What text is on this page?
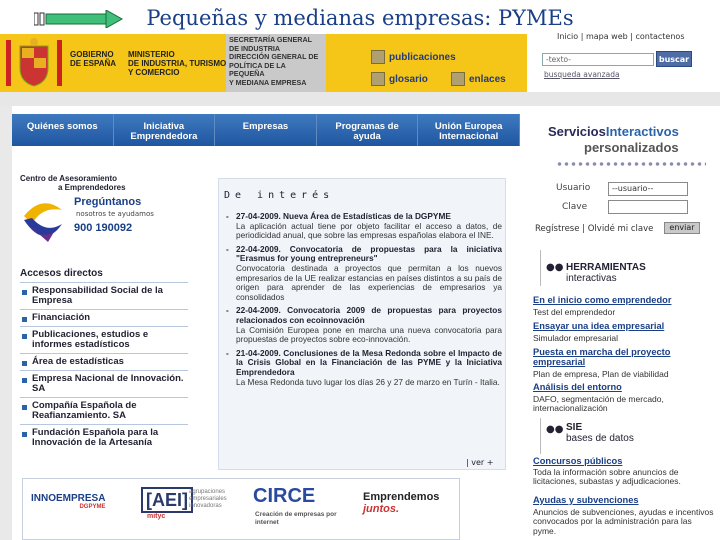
Pequeñas y medianas empresas: PYMEs
GOBIERNO
DE ESPAÑA
MINISTERIO
DE INDUSTRIA, TURISMO
Y COMERCIO
SECRETARÍA GENERAL
DE INDUSTRIA
DIRECCIÓN GENERAL DE
POLÍTICA DE LA PEQUEÑA
Y MEDIANA EMPRESA
publicaciones
glosario	enlaces
Inicio | mapa web | contactenos
-texto-	buscar
busqueda avanzada
Quiénes somos	Iniciativa Emprendedora
Empresas	Programas de ayuda
Unión Europea Internacional
Centro de Asesoramiento
a Emprendedores
Pregúntanos
nosotros te ayudamos
900 190092
Accesos directos
Responsabilidad Social de la Empresa
Financiación
Publicaciones, estudios e informes estadísticos
Área de estadísticas
Empresa Nacional de Innovación. SA
Compañía Española de Reafianzamiento. SA
Fundación Española para la Innovación de la Artesanía
De interés
- 27-04-2009. Nueva Área de Estadísticas de la DGPYME
La aplicación actual tiene por objeto facilitar el acceso a datos, de periodicidad anual, que sobre las empresas españolas elabora el INE.
- 22-04-2009. Convocatoria de propuestas para la iniciativa "Erasmus for young entrepreneurs"
Convocatoria destinada a proyectos que permitan a los nuevos empresarios de la UE realizar estancias en países distintos a su país de origen para aprender de las experiencias de empresarios ya consolidados
- 22-04-2009. Convocatoria 2009 de propuestas para proyectos relacionados con ecoinnovación
La Comisión Europea pone en marcha una nueva convocatoria para propuestas de proyectos sobre eco-innovación.
- 21-04-2009. Conclusiones de la Mesa Redonda sobre el Impacto de la Crisis Global en la Financiación de las PYME y la Iniciativa Emprendedora
La Mesa Redonda tuvo lugar los días 26 y 27 de marzo en Turín - Italia.
| ver +
ServiciosInteractivos
personalizados
Usuario	--usuario--
Clave
Regístrese | Olvidé mi clave	enviar
●● HERRAMIENTAS
interactivas
En el inicio como emprendedor
Test del emprendedor
Ensayar una idea empresarial
Simulador empresarial
Puesta en marcha del proyecto empresarial
Plan de empresa, Plan de viabilidad
Análisis del entorno
DAFO, segmentación de mercado, internacionalización
●● SIE
bases de datos
Concursos públicos
Toda la información sobre anuncios de licitaciones, subastas y adjudicaciones.
Ayudas y subvenciones
Anuncios de subvenciones, ayudas e incentivos convocados por la administración para las pyme.
INNOEMPRESA
DGPYME [AEI]
mityc
agrupaciones empresariales innovadoras	CIRCE
Creación de empresas por internet
Emprendemos
juntos.
